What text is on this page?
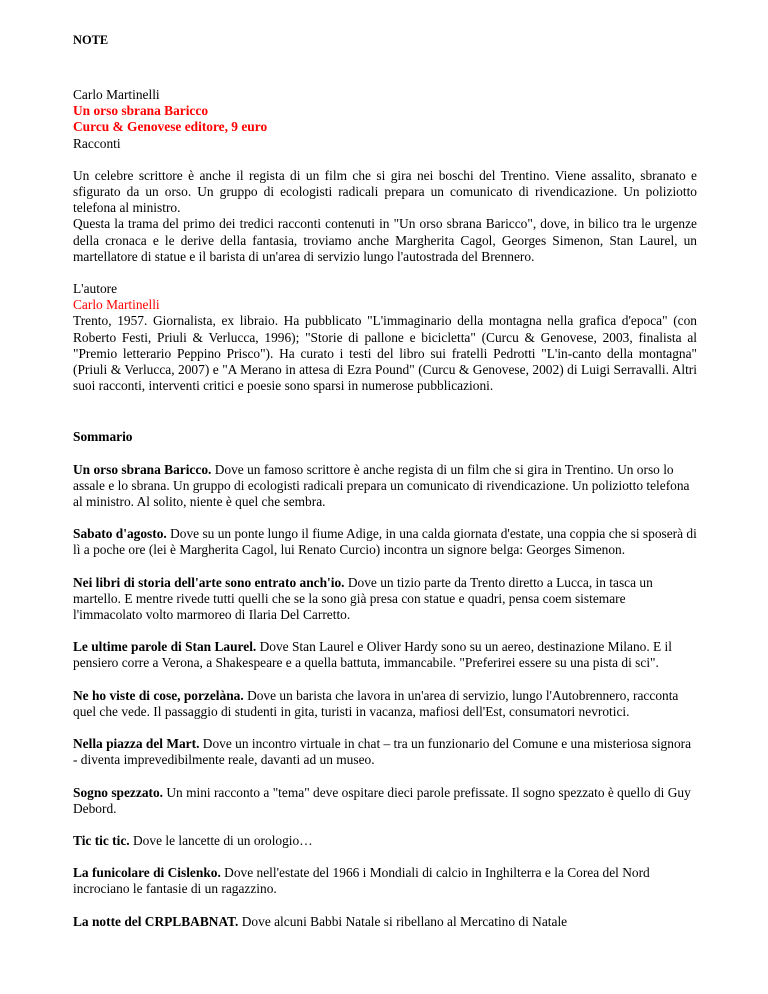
NOTE

Carlo Martinelli
Un orso sbrana Baricco
Curcu & Genovese editore, 9 euro
Racconti

Un celebre scrittore è anche il regista di un film che si gira nei boschi del Trentino. Viene assalito, sbranato e sfigurato da un orso. Un gruppo di ecologisti radicali prepara un comunicato di rivendicazione. Un poliziotto telefona al ministro.

Questa la trama del primo dei tredici racconti contenuti in "Un orso sbrana Baricco", dove, in bilico tra le urgenze della cronaca e le derive della fantasia, troviamo anche Margherita Cagol, Georges Simenon, Stan Laurel, un martellatore di statue e il barista di un'area di servizio lungo l'autostrada del Brennero.

L'autore
Carlo Martinelli

Trento, 1957. Giornalista, ex libraio. Ha pubblicato "L'immaginario della montagna nella grafica d'epoca" (con Roberto Festi, Priuli & Verlucca, 1996); "Storie di pallone e bicicletta" (Curcu & Genovese, 2003, finalista al "Premio letterario Peppino Prisco"). Ha curato i testi del libro sui fratelli Pedrotti "L'in-canto della montagna" (Priuli & Verlucca, 2007) e "A Merano in attesa di Ezra Pound" (Curcu & Genovese, 2002) di Luigi Serravalli. Altri suoi racconti, interventi critici e poesie sono sparsi in numerose pubblicazioni.

Sommario

Un orso sbrana Baricco. Dove un famoso scrittore è anche regista di un film che si gira in Trentino. Un orso lo assale e lo sbrana. Un gruppo di ecologisti radicali prepara un comunicato di rivendicazione. Un poliziotto telefona al ministro. Al solito, niente è quel che sembra.

Sabato d'agosto. Dove su un ponte lungo il fiume Adige, in una calda giornata d'estate, una coppia che si sposerà di lì a poche ore (lei è Margherita Cagol, lui Renato Curcio) incontra un signore belga: Georges Simenon.

Nei libri di storia dell'arte sono entrato anch'io. Dove un tizio parte da Trento diretto a Lucca, in tasca un martello. E mentre rivede tutti quelli che se la sono già presa con statue e quadri, pensa coem sistemare l'immacolato volto marmoreo di Ilaria Del Carretto.

Le ultime parole di Stan Laurel. Dove Stan Laurel e Oliver Hardy sono su un aereo, destinazione Milano. E il pensiero corre a Verona, a Shakespeare e a quella battuta, immancabile. "Preferirei essere su una pista di sci".

Ne ho viste di cose, porzelàna. Dove un barista che lavora in un'area di servizio, lungo l'Autobrennero, racconta quel che vede. Il passaggio di studenti in gita, turisti in vacanza, mafiosi dell'Est, consumatori nevrotici.

Nella piazza del Mart. Dove un incontro virtuale in chat – tra un funzionario del Comune e una misteriosa signora - diventa imprevedibilmente reale, davanti ad un museo.

Sogno spezzato. Un mini racconto a "tema" deve ospitare dieci parole prefissate. Il sogno spezzato è quello di Guy Debord.

Tic tic tic. Dove le lancette di un orologio…

La funicolare di Cislenko. Dove nell'estate del 1966 i Mondiali di calcio in Inghilterra e la Corea del Nord incrociano le fantasie di un ragazzino.

La notte del CRPLBABNAT. Dove alcuni Babbi Natale si ribellano al Mercatino di Natale
